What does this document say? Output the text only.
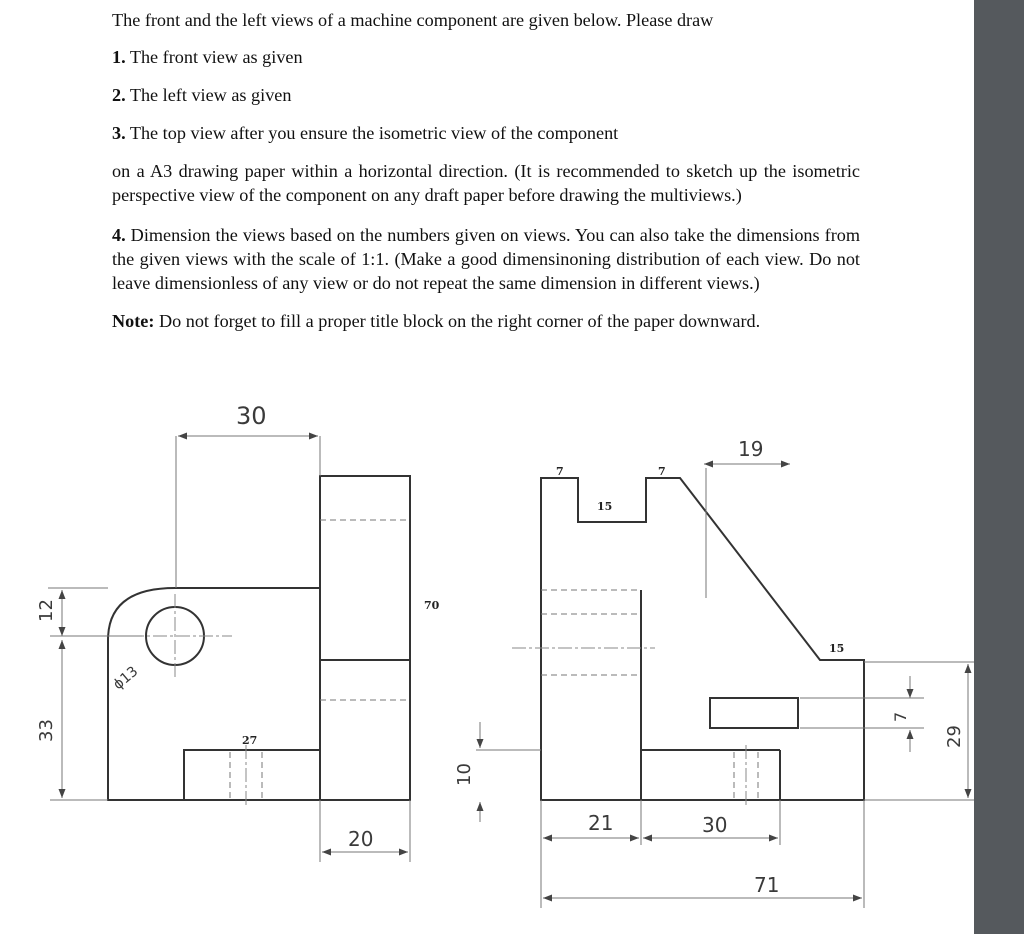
The front and the left views of a machine component are given below. Please draw

1. The front view as given

2. The left view as given

3. The top view after you ensure the isometric view of the component

on a A3 drawing paper within a horizontal direction. (It is recommended to sketch up the isometric perspective view of the component on any draft paper before drawing the multiviews.)

4. Dimension the views based on the numbers given on views. You can also take the dimensions from the given views with the scale of 1:1. (Make a good dimensinoning distribution of each view. Do not leave dimensionless of any view or do not repeat the same dimension in different views.)

Note: Do not forget to fill a proper title block on the right corner of the paper downward.

30
ϕ13
12
33	27
20
70
7	7
15
19
15
7
29
10
21	30
71
